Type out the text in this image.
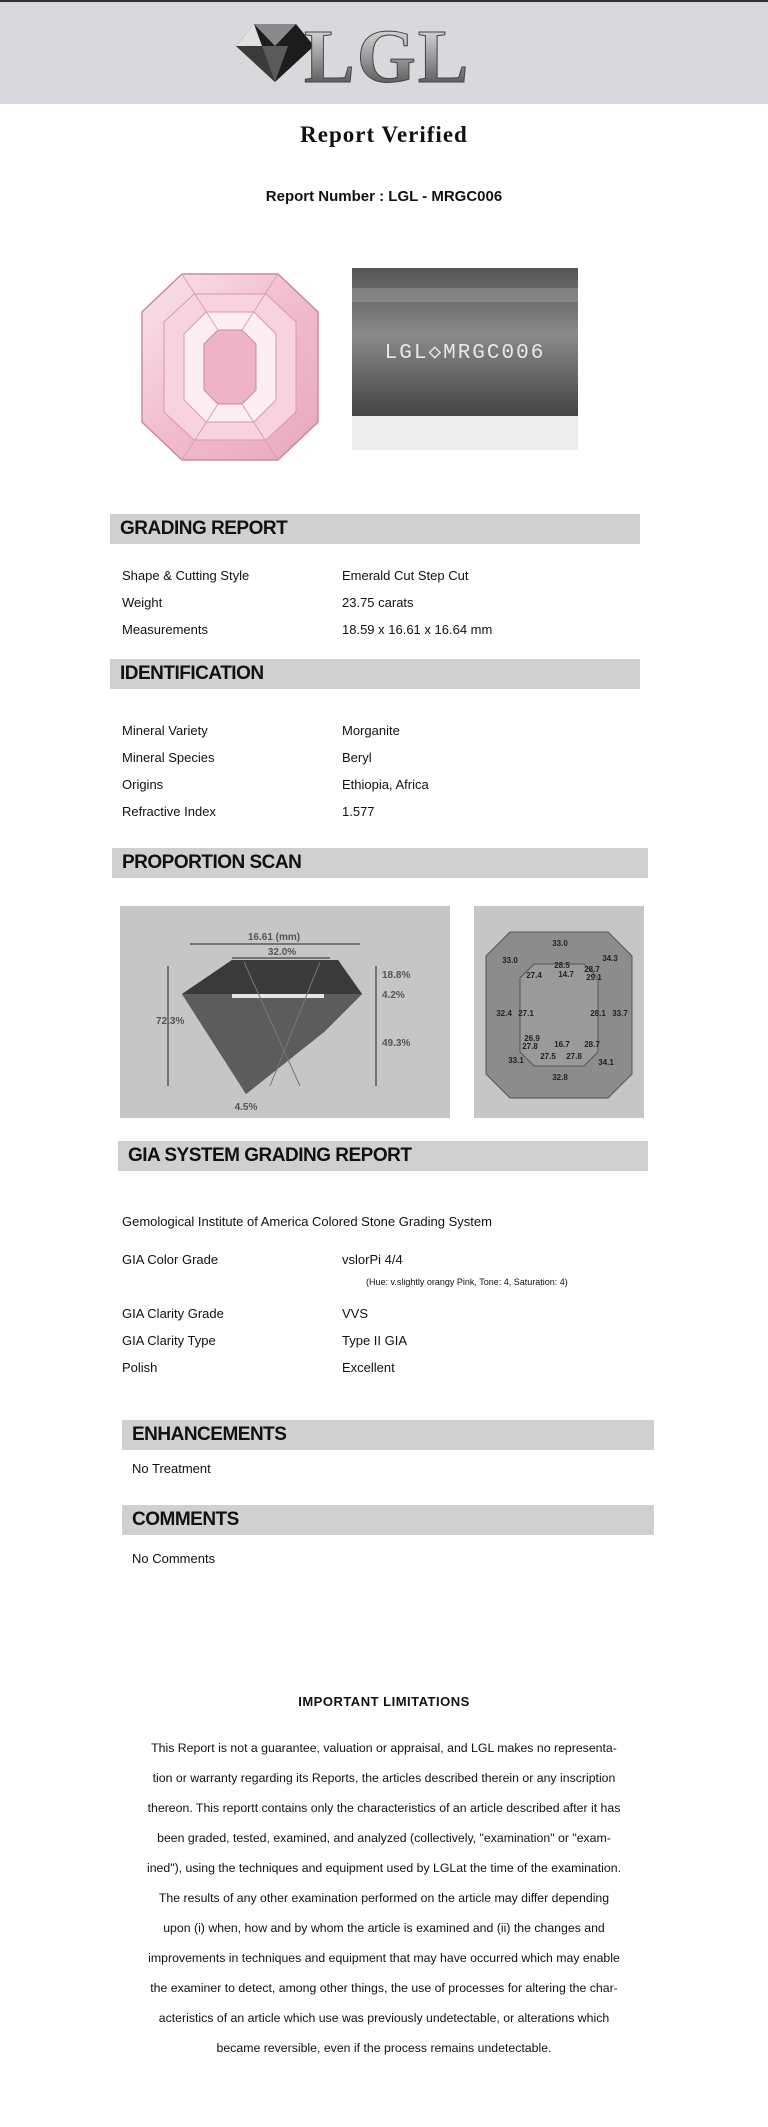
LGL
Report Verified
Report Number : LGL - MRGC006
LGL◇MRGC006
GRADING REPORT
Shape & Cutting Style	Emerald Cut Step Cut
Weight	23.75 carats
Measurements	18.59 x 16.61 x 16.64 mm
IDENTIFICATION
Mineral Variety	Morganite
Mineral Species	Beryl
Origins	Ethiopia, Africa
Refractive Index	1.577
PROPORTION SCAN
16.61 (mm)
32.0%
18.8%
4.2%
49.3%
72.3%
4.5%
33.0
33.0	34.3
28.5 28.7
27.4 14.7 29.1
32.4 27.1	28.1 33.7
26.9
27.8 16.7 28.7
33.1 27.5 27.8
34.1
32.8
GIA SYSTEM GRADING REPORT
Gemological Institute of America Colored Stone Grading System
GIA Color Grade	vslorPi 4/4
(Hue: v.slightly orangy Pink, Tone: 4, Saturation: 4)
GIA Clarity Grade	VVS
GIA Clarity Type	Type II GIA
Polish	Excellent
ENHANCEMENTS
No Treatment
COMMENTS
No Comments
IMPORTANT LIMITATIONS
This Report is not a guarantee, valuation or appraisal, and LGL makes no representa-
tion or warranty regarding its Reports, the articles described therein or any inscription
thereon. This reportt contains only the characteristics of an article described after it has
been graded, tested, examined, and analyzed (collectively, "examination" or "exam-
ined"), using the techniques and equipment used by LGLat the time of the examination.
The results of any other examination performed on the article may differ depending
upon (i) when, how and by whom the article is examined and (ii) the changes and
improvements in techniques and equipment that may have occurred which may enable
the examiner to detect, among other things, the use of processes for altering the char-
acteristics of an article which use was previously undetectable, or alterations which
became reversible, even if the process remains undetectable.
